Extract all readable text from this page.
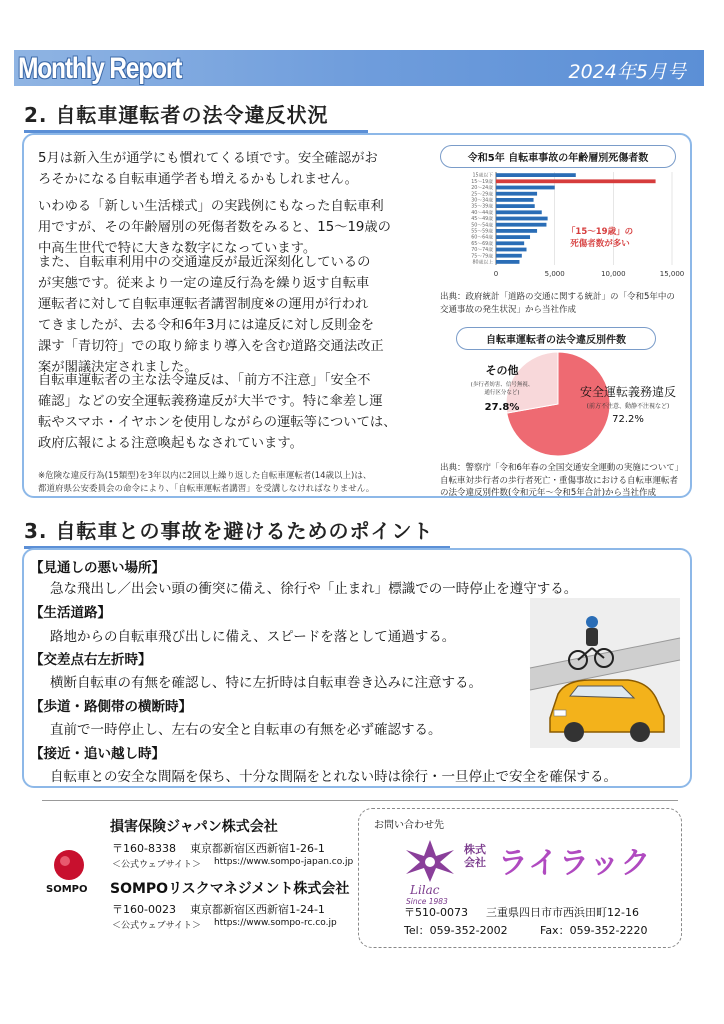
Monthly Report	2024年5月号
2. 自転車運転者の法令違反状況
5月は新入生が通学にも慣れてくる頃です。安全確認がお
ろそかになる自転車通学者も増えるかもしれません。
いわゆる「新しい生活様式」の実践例にもなった自転車利
用ですが、その年齢層別の死傷者数をみると、15〜19歳の
中高生世代で特に大きな数字になっています。
また、自転車利用中の交通違反が最近深刻化しているの
が実態です。従来より一定の違反行為を繰り返す自転車
運転者に対して自転車運転者講習制度※の運用が行われ
てきましたが、去る令和6年3月には違反に対し反則金を
課す「青切符」での取り締まり導入を含む道路交通法改正
案が閣議決定されました。
自転車運転者の主な法令違反は、「前方不注意」「安全不
確認」などの安全運転義務違反が大半です。特に傘差し運
転やスマホ・イヤホンを使用しながらの運転等については、
政府広報による注意喚起もなされています。
※危険な違反行為(15類型)を3年以内に2回以上繰り返した自転車運転者(14歳以上)は、
都道府県公安委員会の命令により、「自転車運転者講習」を受講しなければなりません。
令和5年 自転車事故の年齢層別死傷者数
0	5,000	10,000	15,000
15歳以下
15〜19歳
20〜24歳
25〜29歳
30〜34歳
35〜39歳
40〜44歳
45〜49歳
50〜54歳
55〜59歳
60〜64歳
65〜69歳
70〜74歳
75〜79歳
80歳以上
「15〜19歳」の
死傷者数が多い
出典：政府統計「道路の交通に関する統計」の「令和5年中の
交通事故の発生状況」から当社作成
自転車運転者の法令違反別件数
安全運転義務違反
(前方不注意、動静不注視など)
72.2%
その他
(歩行者妨害、信号無視、
通行区分など)
27.8%
出典：警察庁「令和6年春の全国交通安全運動の実施について」
自転車対歩行者の歩行者死亡・重傷事故における自転車運転者
の法令違反別件数(令和元年〜令和5年合計)から当社作成
3. 自転車との事故を避けるためのポイント
【見通しの悪い場所】
急な飛出し／出会い頭の衝突に備え、徐行や「止まれ」標識での一時停止を遵守する。
【生活道路】
路地からの自転車飛び出しに備え、スピードを落として通過する。
【交差点右左折時】
横断自転車の有無を確認し、特に左折時は自転車巻き込みに注意する。
【歩道・路側帯の横断時】
直前で一時停止し、左右の安全と自転車の有無を必ず確認する。
【接近・追い越し時】
自転車との安全な間隔を保ち、十分な間隔をとれない時は徐行・一旦停止で安全を確保する。
SOMPO
損害保険ジャパン株式会社
〒160-8338 東京都新宿区西新宿1-26-1
＜公式ウェブサイト＞ https://www.sompo-japan.co.jp
SOMPOリスクマネジメント株式会社
〒160-0023 東京都新宿区西新宿1-24-1
＜公式ウェブサイト＞ https://www.sompo-rc.co.jp
お問い合わせ先
株式
会社 ライラック
Lilac
Since 1983
〒510-0073 三重県四日市市西浜田町12-16
Tel：059-352-2002	Fax：059-352-2220
